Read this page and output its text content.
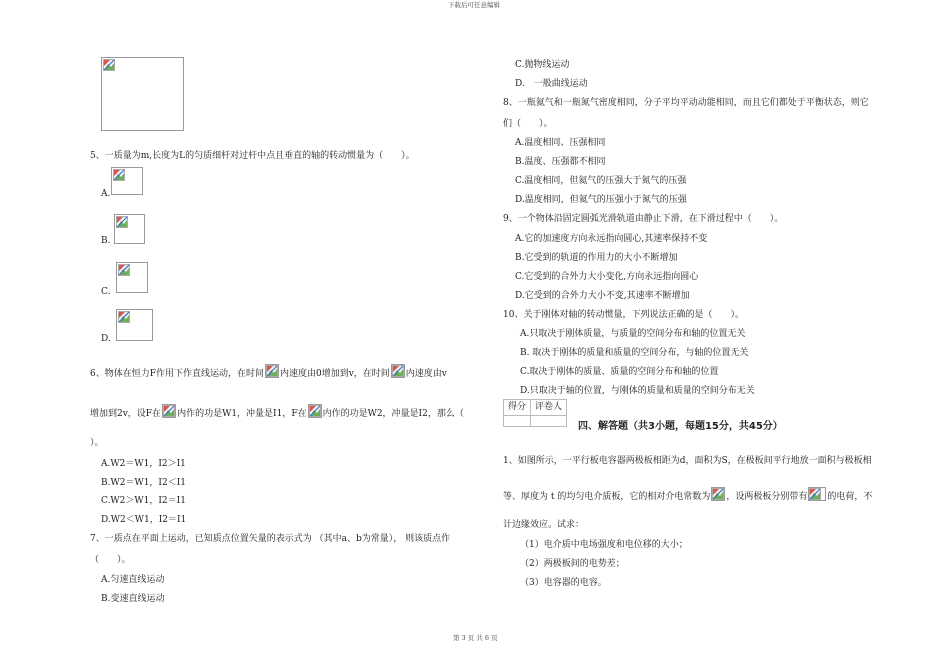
下载后可任意编辑
第 3 页 共 6 页
5、一质量为m,长度为L的匀质细杆对过杆中点且垂直的轴的转动惯量为（　　）。
A.
B.
C.
D.
6、物体在恒力F作用下作直线运动，在时间 内速度由0增加到v，在时间 内速度由v
增加到2v，设F在 内作的功是W1，冲量是I1，F在 内作的功是W2，冲量是I2，那么（
）。
A.W2＝W1，I2＞I1
B.W2＝W1，I2＜I1
C.W2＞W1，I2＝I1
D.W2＜W1，I2＝I1
7、一质点在平面上运动，已知质点位置矢量的表示式为 （其中a、b为常量）， 则该质点作
（　　）。
A.匀速直线运动
B.变速直线运动
C.抛物线运动
D.　一般曲线运动
8、一瓶氦气和一瓶氮气密度相同，分子平均平动动能相同，而且它们都处于平衡状态，则它
们（　　）。
A.温度相同、压强相同
B.温度、压强都不相同
C.温度相同，但氦气的压强大于氮气的压强
D.温度相同，但氦气的压强小于氮气的压强
9、一个物体沿固定圆弧光滑轨道由静止下滑，在下滑过程中（　　）。
A.它的加速度方向永远指向圆心,其速率保持不变
B.它受到的轨道的作用力的大小不断增加
C.它受到的合外力大小变化,方向永远指向圆心
D.它受到的合外力大小不变,其速率不断增加
10、关于刚体对轴的转动惯量，下列说法正确的是（　　）。
A.只取决于刚体质量，与质量的空间分布和轴的位置无关
B. 取决于刚体的质量和质量的空间分布，与轴的位置无关
C.取决于刚体的质量、质量的空间分布和轴的位置
D.只取决于轴的位置，与刚体的质量和质量的空间分布无关
得分 评卷人
四、解答题（共3小题，每题15分，共45分）
1、如图所示，一平行板电容器两极板相距为d，面积为S，在极板间平行地放一面积与极板相
等、厚度为 t 的均匀电介质板，它的相对介电常数为 ，设两极板分别带有 的电荷，不
计边缘效应。试求：
（1）电介质中电场强度和电位移的大小；
（2）两极板间的电势差；
（3）电容器的电容。
